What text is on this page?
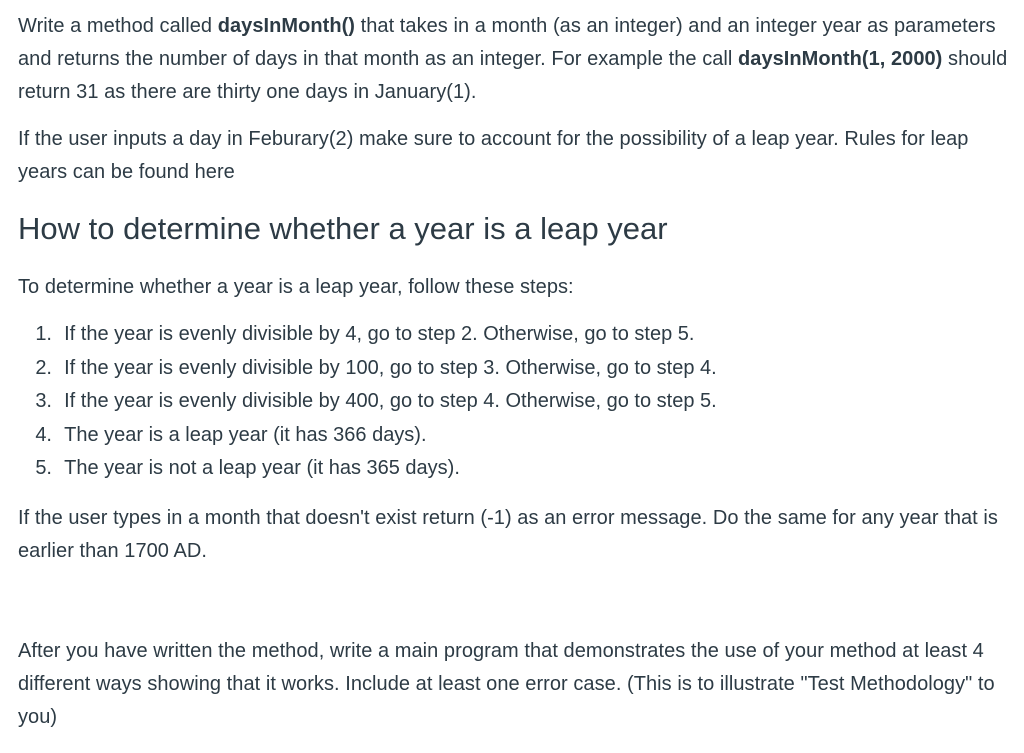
Write a method called daysInMonth() that takes in a month (as an integer) and an integer year as parameters and returns the number of days in that month as an integer. For example the call daysInMonth(1, 2000) should return 31 as there are thirty one days in January(1).

If the user inputs a day in Feburary(2) make sure to account for the possibility of a leap year. Rules for leap years can be found here

How to determine whether a year is a leap year

To determine whether a year is a leap year, follow these steps:

1.
If the year is evenly divisible by 4, go to step 2. Otherwise, go to step 5.
2.
If the year is evenly divisible by 100, go to step 3. Otherwise, go to step 4.
3.
If the year is evenly divisible by 400, go to step 4. Otherwise, go to step 5.
4.
The year is a leap year (it has 366 days).
5.
The year is not a leap year (it has 365 days).

If the user types in a month that doesn't exist return (-1) as an error message. Do the same for any year that is earlier than 1700 AD.

After you have written the method, write a main program that demonstrates the use of your method at least 4 different ways showing that it works. Include at least one error case. (This is to illustrate "Test Methodology" to you)
